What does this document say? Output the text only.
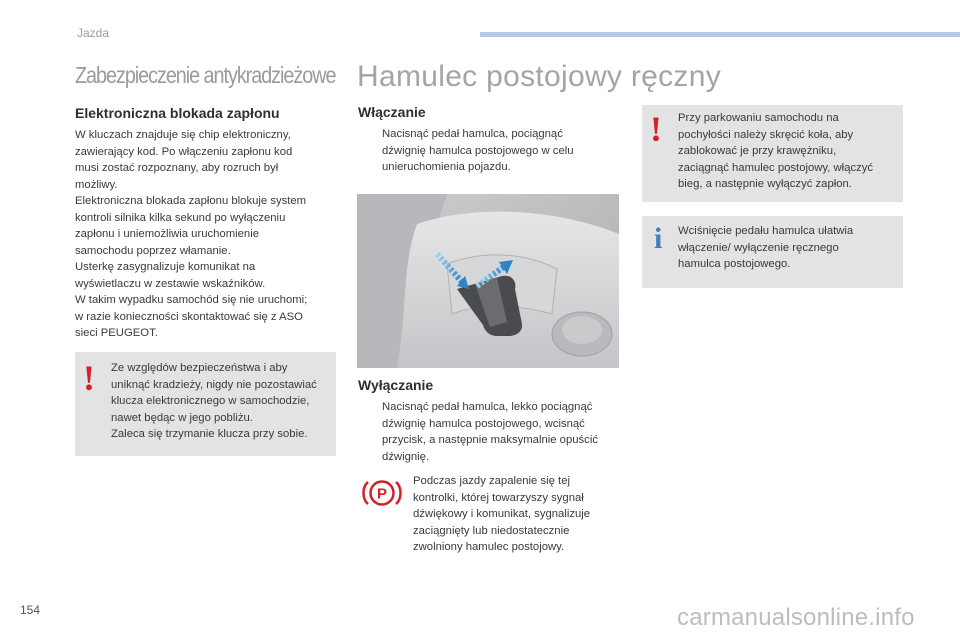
Jazda
Zabezpieczenie antykradzieżowe
Elektroniczna blokada zapłonu
W kluczach znajduje się chip elektroniczny,
zawierający kod. Po włączeniu zapłonu kod
musi zostać rozpoznany, aby rozruch był
możliwy.
Elektroniczna blokada zapłonu blokuje system
kontroli silnika kilka sekund po wyłączeniu
zapłonu i uniemożliwia uruchomienie
samochodu poprzez włamanie.
Usterkę zasygnalizuje komunikat na
wyświetlaczu w zestawie wskaźników.
W takim wypadku samochód się nie uruchomi;
w razie konieczności skontaktować się z ASO
sieci PEUGEOT.
! Ze względów bezpieczeństwa i aby
uniknąć kradzieży, nigdy nie pozostawiać
klucza elektronicznego w samochodzie,
nawet będąc w jego pobliżu.
Zaleca się trzymanie klucza przy sobie.
Hamulec postojowy ręczny
Włączanie
Nacisnąć pedał hamulca, pociągnąć
dźwignię hamulca postojowego w celu
unieruchomienia pojazdu.
Wyłączanie
Nacisnąć pedał hamulca, lekko pociągnąć
dźwignię hamulca postojowego, wcisnąć
przycisk, a następnie maksymalnie opuścić
dźwignię.
P
Podczas jazdy zapalenie się tej
kontrolki, której towarzyszy sygnał
dźwiękowy i komunikat, sygnalizuje
zaciągnięty lub niedostatecznie
zwolniony hamulec postojowy.
! Przy parkowaniu samochodu na
pochyłości należy skręcić koła, aby
zablokować je przy krawężniku,
zaciągnąć hamulec postojowy, włączyć
bieg, a następnie wyłączyć zapłon.
i Wciśnięcie pedału hamulca ułatwia
włączenie/ wyłączenie ręcznego
hamulca postojowego.
154	carmanualsonline.info
